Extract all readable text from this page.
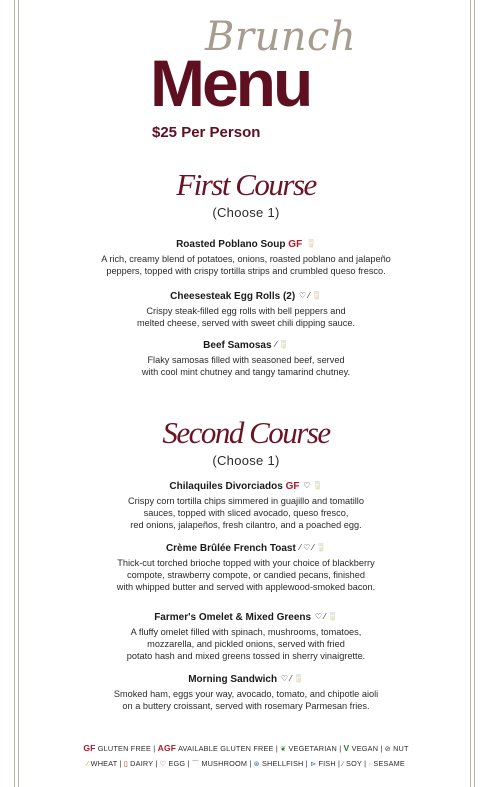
Brunch
Menu
$25 Per Person
First Course
(Choose 1)
Roasted Poblano Soup GF 🥛
A rich, creamy blend of potatoes, onions, roasted poblano and jalapeño
peppers, topped with crispy tortilla strips and crumbled queso fresco.
Cheesesteak Egg Rolls (2) ♡ ⁄ 🥛
Crispy steak-filled egg rolls with bell peppers and
melted cheese, served with sweet chili dipping sauce.
Beef Samosas ⁄ 🥛
Flaky samosas filled with seasoned beef, served
with cool mint chutney and tangy tamarind chutney.
Second Course
(Choose 1)
Chilaquiles Divorciados GF ♡ 🥛
Crispy corn tortilla chips simmered in guajillo and tomatillo
sauces, topped with sliced avocado, queso fresco,
red onions, jalapeños, fresh cilantro, and a poached egg.
Crème Brûlée French Toast ⁄ ♡ ⁄ 🥛
Thick-cut torched brioche topped with your choice of blackberry
compote, strawberry compote, or candied pecans, finished
with whipped butter and served with applewood-smoked bacon.
Farmer's Omelet & Mixed Greens ♡ ⁄ 🥛
A fluffy omelet filled with spinach, mushrooms, tomatoes,
mozzarella, and pickled onions, served with fried
potato hash and mixed greens tossed in sherry vinaigrette.
Morning Sandwich ♡ ⁄ 🥛
Smoked ham, eggs your way, avocado, tomato, and chipotle aioli
on a buttery croissant, served with rosemary Parmesan fries.
GF GLUTEN FREE | AGF AVAILABLE GLUTEN FREE | ❦ VEGETARIAN | V VEGAN | ⊘ NUT
⁄ WHEAT | ▯ DAIRY | ♡ EGG | ⌒ MUSHROOM | ⊛ SHELLFISH | ⊳ FISH | ⁄ SOY | ◦ SESAME
